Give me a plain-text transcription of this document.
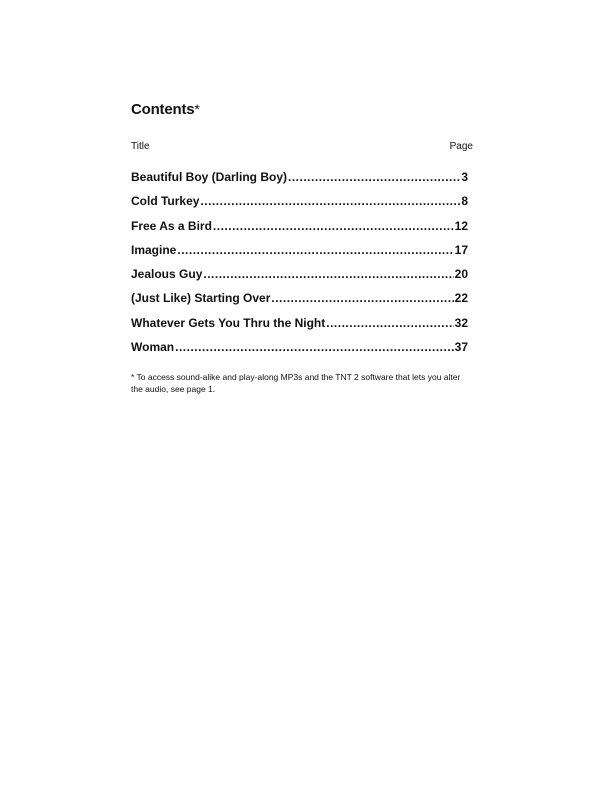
Contents*
Title	Page
Beautiful Boy (Darling Boy) .....	3
Cold Turkey .....	8
Free As a Bird .....	12
Imagine .....	17
Jealous Guy .....	20
(Just Like) Starting Over .....	22
Whatever Gets You Thru the Night .....	32
Woman .....	37
* To access sound-alike and play-along MP3s and the TNT 2 software that lets you alter the audio, see page 1.
